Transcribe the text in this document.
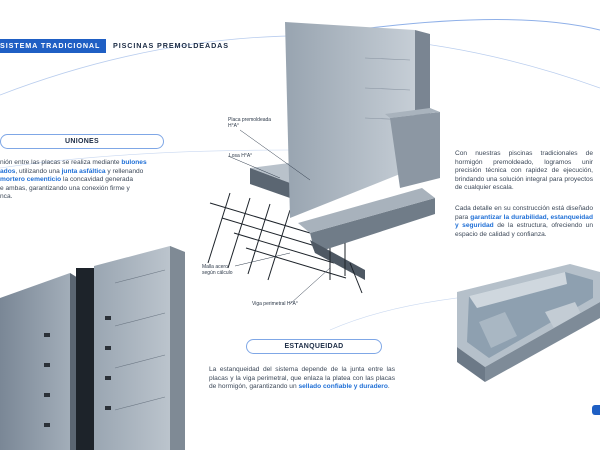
SISTEMA TRADICIONAL PISCINAS PREMOLDEADAS
UNIONES
nión entre las placas se realiza mediante bulones
ados, utilizando una junta asfáltica y rellenando
mortero cementicio la concavidad generada
e ambas, garantizando una conexión firme y
nca.
Placa premoldeada
H°A°
Losa H°A°
Malla acero
según cálculo
Viga perimetral H°A°
ESTANQUEIDAD
La estanqueidad del sistema depende de la junta entre las placas y la viga perimetral, que enlaza la platea con las placas de hormigón, garantizando un sellado confiable y duradero.
Con nuestras piscinas tradicionales de hormigón premoldeado, logramos unir precisión técnica con rapidez de ejecución, brindando una solución integral para proyectos de cualquier escala.
Cada detalle en su construcción está diseñado para garantizar la durabilidad, estanqueidad y seguridad de la estructura, ofreciendo un espacio de calidad y confianza.
